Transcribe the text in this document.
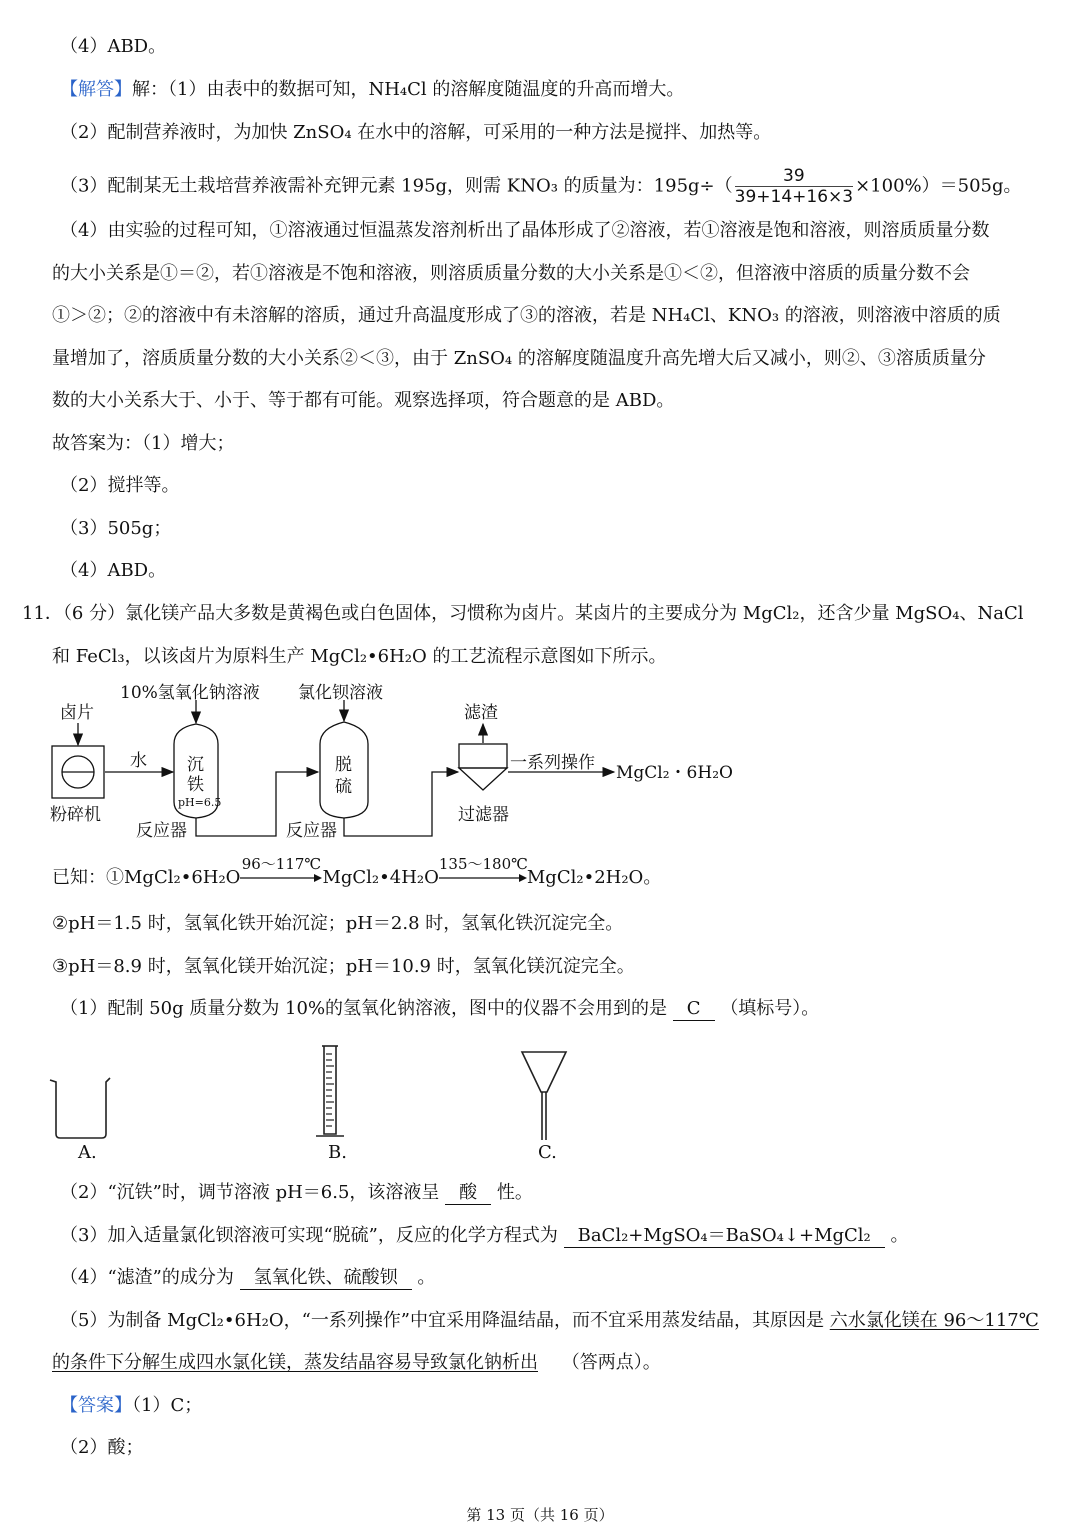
（4）ABD。
【解答】解：（1）由表中的数据可知，NH₄Cl 的溶解度随温度的升高而增大。
（2）配制营养液时，为加快 ZnSO₄ 在水中的溶解，可采用的一种方法是搅拌、加热等。
（3）配制某无土栽培营养液需补充钾元素 195g，则需 KNO₃ 的质量为：$195g\div( \frac{39}{39+14+16\times 3} \times 100\%)=505g$。
（4）由实验的过程可知，①溶液通过恒温蒸发溶剂析出了晶体形成了②溶液，若①溶液是饱和溶液，则溶质质量分数
的大小关系是①＝②，若①溶液是不饱和溶液，则溶质质量分数的大小关系是①＜②，但溶液中溶质的质量分数不会
①＞②；②的溶液中有未溶解的溶质，通过升高温度形成了③的溶液，若是 NH₄Cl、KNO₃ 的溶液，则溶液中溶质的质
量增加了，溶质质量分数的大小关系②＜③，由于 ZnSO₄ 的溶解度随温度升高先增大后又减小，则②、③溶质质量分
数的大小关系大于、小于、等于都有可能。观察选择项，符合题意的是 ABD。
故答案为：（1）增大；
（2）搅拌等。
（3）505g；
（4）ABD。
11．（6 分）氯化镁产品大多数是黄褐色或白色固体，习惯称为卤片。某卤片的主要成分为 MgCl₂，还含少量 MgSO₄、NaCl
和 FeCl₃，以该卤片为原料生产 MgCl₂•6H₂O 的工艺流程示意图如下所示。
10%氢氧化钠溶液 氯化钡溶液
卤片
水
粉碎机
沉
铁
pH=6.5
反应器
脱
硫
反应器
滤渣
一系列操作 MgCl₂・6H₂O
过滤器
已知：①MgCl₂•6H₂O
96～117℃
MgCl₂•4H₂O
135～180℃
MgCl₂•2H₂O。
②pH＝1.5 时，氢氧化铁开始沉淀；pH＝2.8 时，氢氧化铁沉淀完全。
③pH＝8.9 时，氢氧化镁开始沉淀；pH＝10.9 时，氢氧化镁沉淀完全。
（1）配制 50g 质量分数为 10%的氢氧化钠溶液，图中的仪器不会用到的是 C （填标号）。
A.	B.	C.
（2）“沉铁”时，调节溶液 pH＝6.5，该溶液呈 酸 性。
（3）加入适量氯化钡溶液可实现“脱硫”，反应的化学方程式为 BaCl₂+MgSO₄＝BaSO₄↓+MgCl₂ 。
（4）“滤渣”的成分为 氢氧化铁、硫酸钡 。
（5）为制备 MgCl₂•6H₂O，“一系列操作”中宜采用降温结晶，而不宜采用蒸发结晶，其原因是 六水氯化镁在 96～117℃
的条件下分解生成四水氯化镁，蒸发结晶容易导致氯化钠析出　 （答两点）。
【答案】（1）C；
（2）酸；
第 13 页（共 16 页）
